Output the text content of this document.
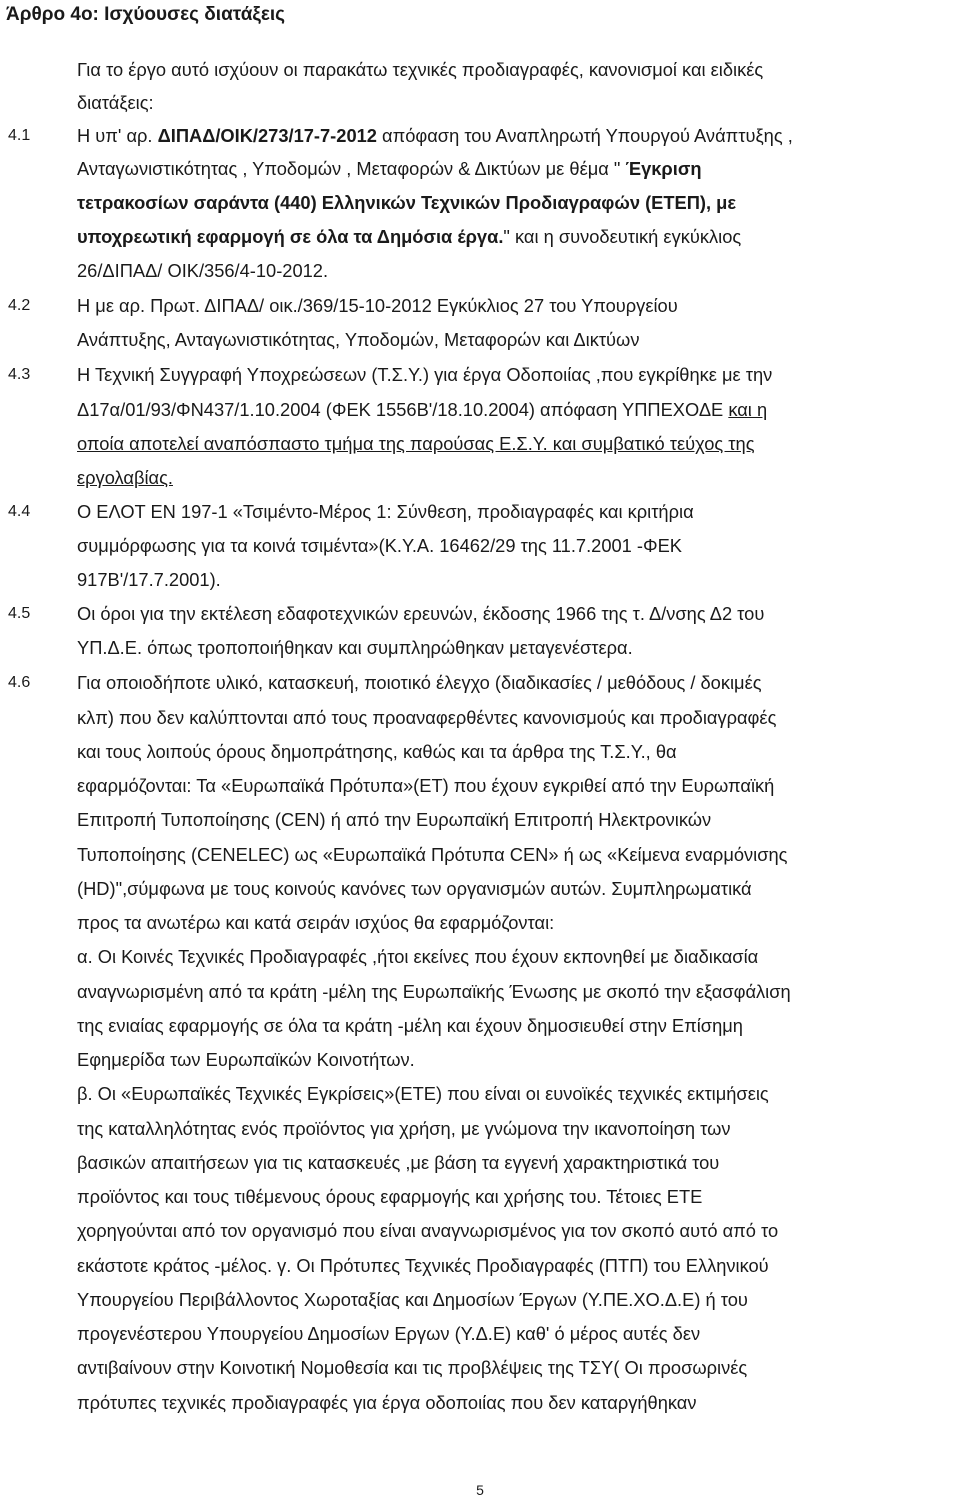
Άρθρο 4ο: Ισχύουσες διατάξεις
Για το έργο αυτό ισχύουν οι παρακάτω τεχνικές προδιαγραφές, κανονισμοί και ειδικές
διατάξεις:
4.1	Η υπ' αρ. ΔΙΠΑΔ/ΟΙΚ/273/17-7-2012 απόφαση του Αναπληρωτή Υπουργού Ανάπτυξης ,
Ανταγωνιστικότητας , Υποδομών , Μεταφορών & Δικτύων με θέμα " Έγκριση
τετρακοσίων σαράντα (440) Ελληνικών Τεχνικών Προδιαγραφών (ΕΤΕΠ), με
υποχρεωτική εφαρμογή σε όλα τα Δημόσια έργα." και η συνοδευτική εγκύκλιος
26/ΔΙΠΑΔ/ ΟΙΚ/356/4-10-2012.
4.2	Η με αρ. Πρωτ. ΔΙΠΑΔ/ οικ./369/15-10-2012 Εγκύκλιος 27 του Υπουργείου
Ανάπτυξης, Ανταγωνιστικότητας, Υποδομών, Μεταφορών και Δικτύων
4.3	Η Τεχνική Συγγραφή Υποχρεώσεων (Τ.Σ.Υ.) για έργα Οδοποιίας ,που εγκρίθηκε με την
Δ17α/01/93/ΦΝ437/1.10.2004 (ΦΕΚ 1556Β'/18.10.2004) απόφαση ΥΠΠΕΧΟΔΕ και η
οποία αποτελεί αναπόσπαστο τμήμα της παρούσας Ε.Σ.Υ. και συμβατικό τεύχος της
εργολαβίας.
4.4	Ο ΕΛΟΤ ΕΝ 197-1 «Τσιμέντο-Μέρος 1: Σύνθεση, προδιαγραφές και κριτήρια
συμμόρφωσης για τα κοινά τσιμέντα»(Κ.Υ.Α. 16462/29 της 11.7.2001 -ΦΕΚ
917Β'/17.7.2001).
4.5	Οι όροι για την εκτέλεση εδαφοτεχνικών ερευνών, έκδοσης 1966 της τ. Δ/νσης Δ2 του
ΥΠ.Δ.Ε. όπως τροποποιήθηκαν και συμπληρώθηκαν μεταγενέστερα.
4.6	Για οποιοδήποτε υλικό, κατασκευή, ποιοτικό έλεγχο (διαδικασίες / μεθόδους / δοκιμές
κλπ) που δεν καλύπτονται από τους προαναφερθέντες κανονισμούς και προδιαγραφές
και τους λοιπούς όρους δημοπράτησης, καθώς και τα άρθρα της Τ.Σ.Υ., θα
εφαρμόζονται: Τα «Ευρωπαϊκά Πρότυπα»(ΕΤ) που έχουν εγκριθεί από την Ευρωπαϊκή
Επιτροπή Τυποποίησης (CEN) ή από την Ευρωπαϊκή Επιτροπή Ηλεκτρονικών
Τυποποίησης (CENELEC) ως «Ευρωπαϊκά Πρότυπα CEN» ή ως «Κείμενα εναρμόνισης
(HD)",σύμφωνα με τους κοινούς κανόνες των οργανισμών αυτών. Συμπληρωματικά
προς τα ανωτέρω και κατά σειράν ισχύος θα εφαρμόζονται:
α. Οι Κοινές Τεχνικές Προδιαγραφές ,ήτοι εκείνες που έχουν εκπονηθεί με διαδικασία
αναγνωρισμένη από τα κράτη -μέλη της Ευρωπαϊκής Ένωσης με σκοπό την εξασφάλιση
της ενιαίας εφαρμογής σε όλα τα κράτη -μέλη και έχουν δημοσιευθεί στην Επίσημη
Εφημερίδα των Ευρωπαϊκών Κοινοτήτων.
β. Οι «Ευρωπαϊκές Τεχνικές Εγκρίσεις»(ΕΤΕ) που είναι οι ευνοϊκές τεχνικές εκτιμήσεις
της καταλληλότητας ενός προϊόντος για χρήση, με γνώμονα την ικανοποίηση των
βασικών απαιτήσεων για τις κατασκευές ,με βάση τα εγγενή χαρακτηριστικά του
προϊόντος και τους τιθέμενους όρους εφαρμογής και χρήσης του. Τέτοιες ΕΤΕ
χορηγούνται από τον οργανισμό που είναι αναγνωρισμένος για τον σκοπό αυτό από το
εκάστοτε κράτος -μέλος. γ. Οι Πρότυπες Τεχνικές Προδιαγραφές (ΠΤΠ) του Ελληνικού
Υπουργείου Περιβάλλοντος Χωροταξίας και Δημοσίων Έργων (Υ.ΠΕ.ΧΟ.Δ.Ε) ή του
προγενέστερου Υπουργείου Δημοσίων Εργων (Υ.Δ.Ε) καθ' ό μέρος αυτές δεν
αντιβαίνουν στην Κοινοτική Νομοθεσία και τις προβλέψεις της ΤΣΥ( Οι προσωρινές
πρότυπες τεχνικές προδιαγραφές για έργα οδοποιίας που δεν καταργήθηκαν
5
